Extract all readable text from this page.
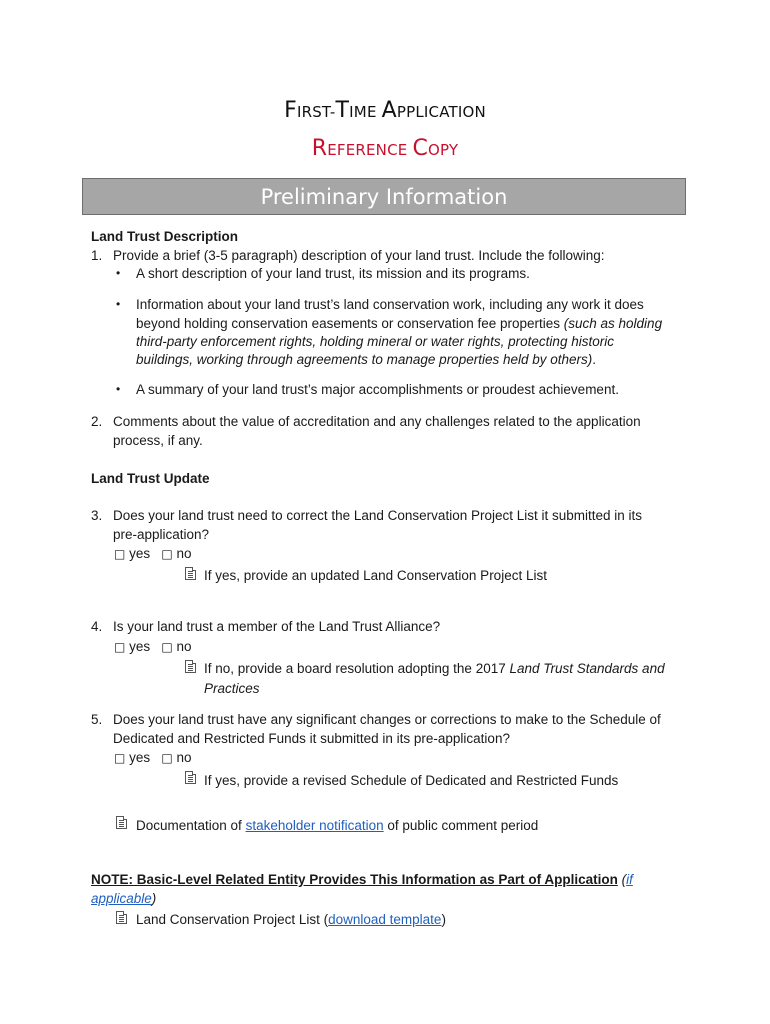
FIRST-TIME APPLICATION
REFERENCE COPY
Preliminary Information
Land Trust Description
1. Provide a brief (3-5 paragraph) description of your land trust. Include the following:
• A short description of your land trust, its mission and its programs.
• Information about your land trust’s land conservation work, including any work it does
beyond holding conservation easements or conservation fee properties (such as holding
third-party enforcement rights, holding mineral or water rights, protecting historic
buildings, working through agreements to manage properties held by others).
• A summary of your land trust’s major accomplishments or proudest achievement.
2. Comments about the value of accreditation and any challenges related to the application
process, if any.
Land Trust Update
3. Does your land trust need to correct the Land Conservation Project List it submitted in its
pre-application?
□ yes □ no
If yes, provide an updated Land Conservation Project List
4. Is your land trust a member of the Land Trust Alliance?
□ yes □ no
If no, provide a board resolution adopting the 2017 Land Trust Standards and
Practices
5. Does your land trust have any significant changes or corrections to make to the Schedule of
Dedicated and Restricted Funds it submitted in its pre-application?
□ yes □ no
If yes, provide a revised Schedule of Dedicated and Restricted Funds
Documentation of stakeholder notification of public comment period
NOTE: Basic-Level Related Entity Provides This Information as Part of Application (if
applicable)
Land Conservation Project List (download template)
